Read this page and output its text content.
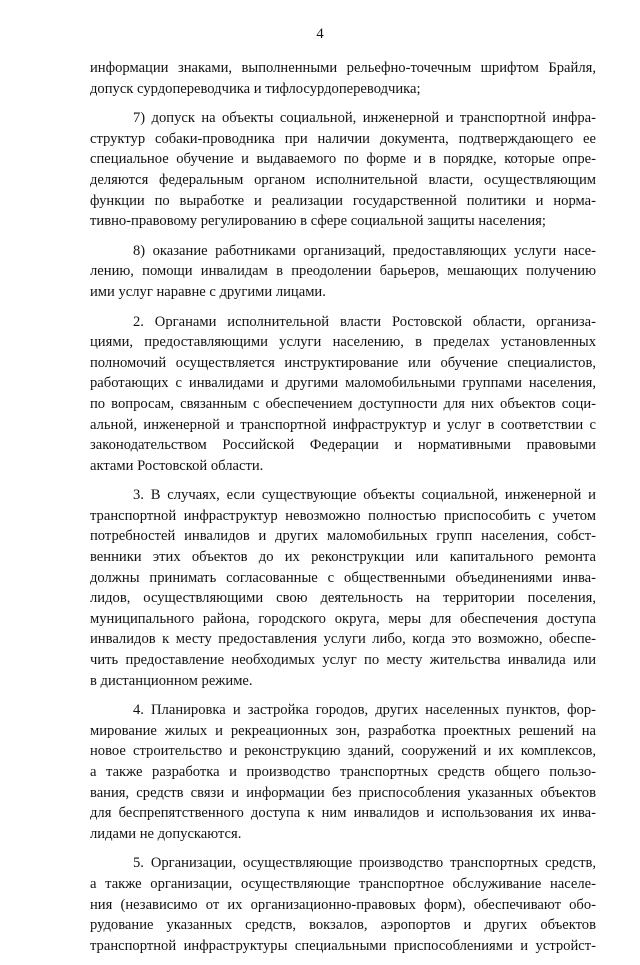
4

информации знаками, выполненными рельефно-точечным шрифтом Брайля,
допуск сурдопереводчика и тифлосурдопереводчика;

7) допуск на объекты социальной, инженерной и транспортной инфра-
структур собаки-проводника при наличии документа, подтверждающего ее
специальное обучение и выдаваемого по форме и в порядке, которые опре-
деляются федеральным органом исполнительной власти, осуществляющим
функции по выработке и реализации государственной политики и норма-
тивно-правовому регулированию в сфере социальной защиты населения;

8) оказание работниками организаций, предоставляющих услуги насе-
лению, помощи инвалидам в преодолении барьеров, мешающих получению
ими услуг наравне с другими лицами.

2. Органами исполнительной власти Ростовской области, организа-
циями, предоставляющими услуги населению, в пределах установленных
полномочий осуществляется инструктирование или обучение специалистов,
работающих с инвалидами и другими маломобильными группами населения,
по вопросам, связанным с обеспечением доступности для них объектов соци-
альной, инженерной и транспортной инфраструктур и услуг в соответствии с
законодательством Российской Федерации и нормативными правовыми
актами Ростовской области.

3. В случаях, если существующие объекты социальной, инженерной и
транспортной инфраструктур невозможно полностью приспособить с учетом
потребностей инвалидов и других маломобильных групп населения, собст-
венники этих объектов до их реконструкции или капитального ремонта
должны принимать согласованные с общественными объединениями инва-
лидов, осуществляющими свою деятельность на территории поселения,
муниципального района, городского округа, меры для обеспечения доступа
инвалидов к месту предоставления услуги либо, когда это возможно, обеспе-
чить предоставление необходимых услуг по месту жительства инвалида или
в дистанционном режиме.

4. Планировка и застройка городов, других населенных пунктов, фор-
мирование жилых и рекреационных зон, разработка проектных решений на
новое строительство и реконструкцию зданий, сооружений и их комплексов,
а также разработка и производство транспортных средств общего пользо-
вания, средств связи и информации без приспособления указанных объектов
для беспрепятственного доступа к ним инвалидов и использования их инва-
лидами не допускаются.

5. Организации, осуществляющие производство транспортных средств,
а также организации, осуществляющие транспортное обслуживание населе-
ния (независимо от их организационно-правовых форм), обеспечивают обо-
рудование указанных средств, вокзалов, аэропортов и других объектов
транспортной инфраструктуры специальными приспособлениями и устройст-
